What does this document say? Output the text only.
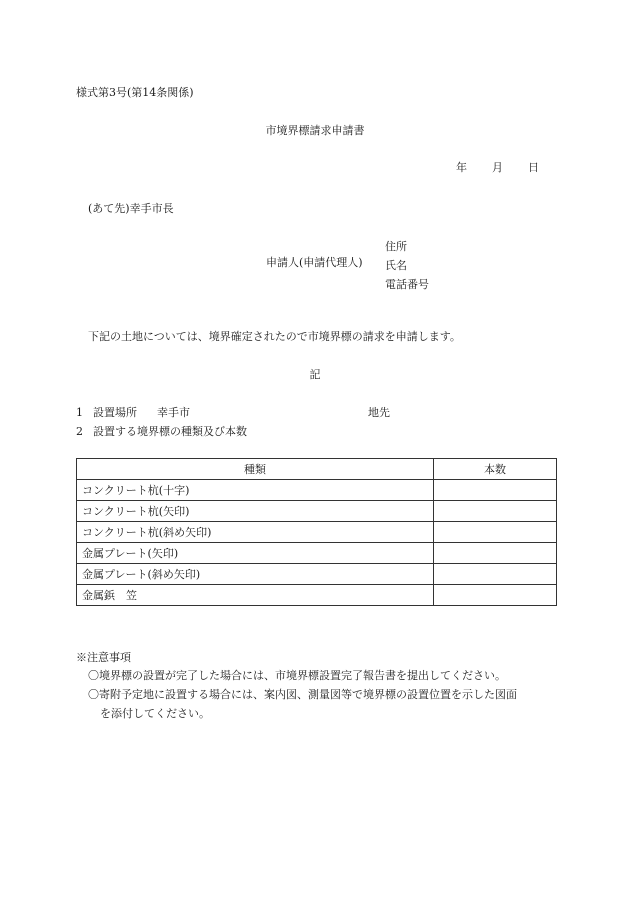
様式第3号(第14条関係)
市境界標請求申請書
年 月 日
(あて先)幸手市長
申請人(申請代理人)
住所
氏名
電話番号
下記の土地については、境界確定されたので市境界標の請求を申請します。
記
1 設置場所 幸手市	地先
2 設置する境界標の種類及び本数
種類	本数
コンクリート杭(十字)	
コンクリート杭(矢印)	
コンクリート杭(斜め矢印)	
金属プレート(矢印)	
金属プレート(斜め矢印)	
金属鋲　笠	
※注意事項
〇境界標の設置が完了した場合には、市境界標設置完了報告書を提出してください。
〇寄附予定地に設置する場合には、案内図、測量図等で境界標の設置位置を示した図面
を添付してください。
